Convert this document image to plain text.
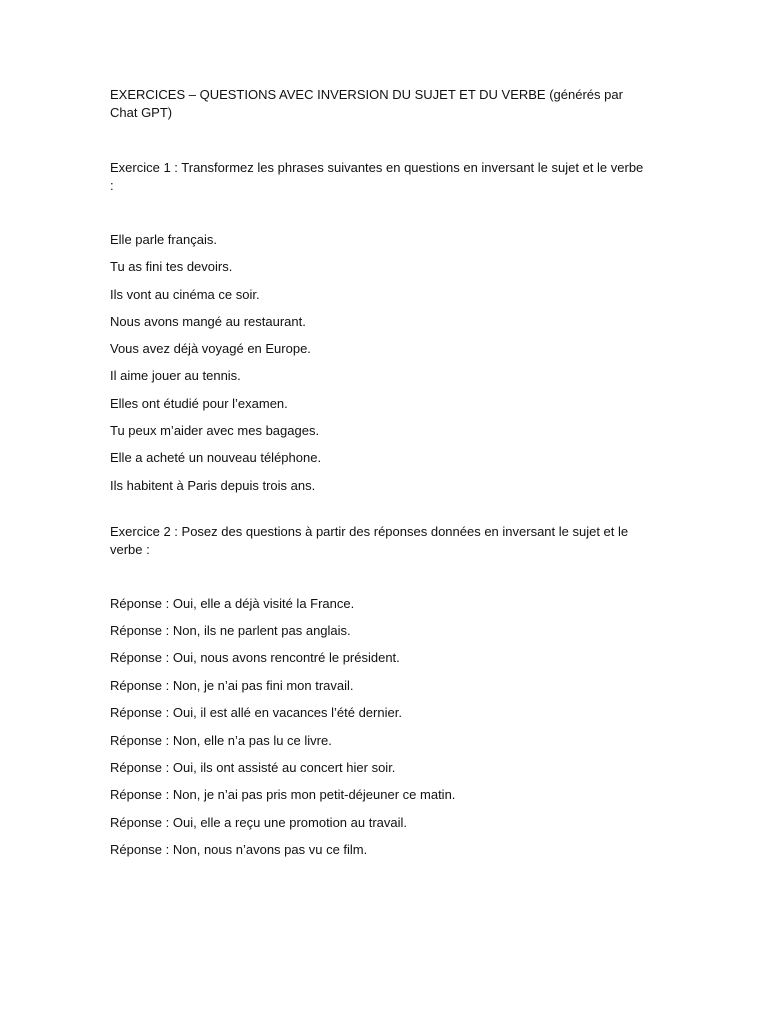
EXERCICES – QUESTIONS AVEC INVERSION DU SUJET ET DU VERBE (générés par Chat GPT)

Exercice 1 : Transformez les phrases suivantes en questions en inversant le sujet et le verbe :

Elle parle français.
Tu as fini tes devoirs.
Ils vont au cinéma ce soir.
Nous avons mangé au restaurant.
Vous avez déjà voyagé en Europe.
Il aime jouer au tennis.
Elles ont étudié pour l’examen.
Tu peux m’aider avec mes bagages.
Elle a acheté un nouveau téléphone.
Ils habitent à Paris depuis trois ans.

Exercice 2 : Posez des questions à partir des réponses données en inversant le sujet et le verbe :

Réponse : Oui, elle a déjà visité la France.
Réponse : Non, ils ne parlent pas anglais.
Réponse : Oui, nous avons rencontré le président.
Réponse : Non, je n’ai pas fini mon travail.
Réponse : Oui, il est allé en vacances l’été dernier.
Réponse : Non, elle n’a pas lu ce livre.
Réponse : Oui, ils ont assisté au concert hier soir.
Réponse : Non, je n’ai pas pris mon petit-déjeuner ce matin.
Réponse : Oui, elle a reçu une promotion au travail.
Réponse : Non, nous n’avons pas vu ce film.
